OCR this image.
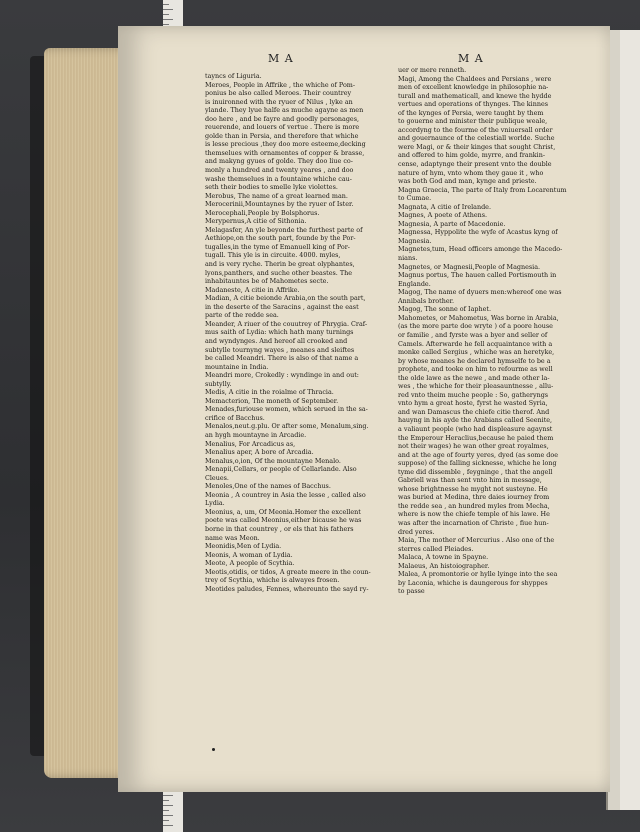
M A	M A
tayncs of Liguria.
Meroes, People in Affrike , the whiche of Pom-
ponius be also called Meroes. Their countrey
is inuironned with the ryuer of Nilus , lyke an
ylande. They lyue halfe as muche agayne as men
doo here , and be fayre and goodly personages,
reuerende, and louers of vertue . There is more
golde than in Persia, and therefore that whiche
is lesse precious ,they doo more esteeme,decking
themselues with ornamentes of copper & brasse,
and makyng gyues of golde. They doo liue co-
monly a hundred and twenty yeares , and doo
washe themselues in a fountaine whiche cau-
seth their bodies to smelle lyke violettes.
Merobus, The name of a great learned man.
Merocerinii,Mountaynes by the ryuer of Ister.
Merocephali,People by Bolsphorus.
Merypernus,A citie of Sithonia.
Melagasfer, An yle beyonde the furthest parte of
Aethiope,on the south part, founde by the Por-
tugalles,in the tyme of Emanuell king of Por-
tugall. This yle is in circuite. 4000. myles,
and is very ryche. Therin be great olyphantes,
lyons,panthers, and suche other beastes. The
inhabitauntes be of Mahometes secte.
Madaneste, A citie in Affrike.
Madian, A citie beionde Arabia,on the south part,
in the deserte of the Saracins , against the east
parte of the redde sea.
Meander, A riuer of the couutrey of Phrygia. Craf-
mus saith of Lydia: which hath many turnings
and wyndynges. And hereof all crooked and
subtylle tournyng wayes , meanes and sleiftes
be called Meandri. There is also of that name a
mountaine in India.
Meandri more, Crokedly : wyndinge in and out:
subtylly.
Medis, A citie in the roialme of Thracia.
Memacterion, The moneth of September.
Menades,furiouse women, which serued in the sa-
crifice of Bacchus.
Menalos,neut.g.plu. Or after some, Menalum,sing.
an hygh mountayne in Arcadie.
Menalius, For Arcadicus as,
Menalius aper, A bore of Arcadia.
Menalus,o,ion, Of the mountayne Menalo.
Menapii,Cellars, or people of Cellarlande. Also
Cleues.
Menoles,One of the names of Bacchus.
Meonia , A countrey in Asia the lesse , called also
Lydia.
Meonius, a, um, Of Meonia.Homer the excellent
poete was called Meonius,either bicause he was
borne in that countrey , or els that his fathers
name was Meon.
Meonidis,Men of Lydia.
Meonis, A woman of Lydia.
Meote, A people of Scythia.
Meotis,otidis, or tidos, A greate meere in the coun-
trey of Scythia, whiche is alwayes frosen.
Meotides paludes, Fennes, whereunto the sayd ry-
uer or mere renneth.
Magi, Among the Chaldees and Persians , were
men of excellent knowledge in philosophie na-
turall and mathematicall, and knewe the hydde
vertues and operations of thynges. The kinnes
of the kynges of Persia, were taught by them
to gouerne and minister their publique weale,
accordyng to the fourme of the vniuersall order
and gouernaunce of the celestiall worlde. Suche
were Magi, or & their kinges that sought Christ,
and offered to him golde, myrre, and frankin-
cense, adaptynge their present vnto the double
nature of hym, vnto whom they gaue it , who
was both God and man, kynge and prieste.
Magna Graecia, The parte of Italy from Locarentum
to Cumae.
Magnata, A citie of Irelande.
Magnes, A poete of Athens.
Magnesia, A parte of Macedonie.
Magnessa, Hyppolite the wyfe of Acastus kyng of
Magnesia.
Magnetes,tum, Head officers amonge the Macedo-
nians.
Magnetes, or Magnesii,People of Magnesia.
Magnus portus, The hauen called Portismouth in
Englande.
Magog, The name of dyuers men:whereof one was
Annibals brother.
Magog, The sonne of Iaphet.
Mahometes, or Mahometus, Was borne in Arabia,
(as the more parte doe wryte ) of a poore house
or familie , and fyrste was a byer and seller of
Camels. Afterwarde he fell acquaintance with a
monke called Sergius , whiche was an heretyke,
by whose meanes he declared hymselfe to be a
prophete, and tooke on him to refourme as well
the olde lawe as the newe , and made other la-
wes , the whiche for their pleasauntnesse , allu-
red vnto theim muche people : So, gatheryngs
vnto hym a great hoste, fyrst he wasted Syria,
and wan Damascus the chiefe citie therof. And
hauyng in his ayde the Arabians called Seenite,
a valiaunt people (who had displeasure agaynst
the Emperour Heraclius,because he paied them
not their wages) he wan other great royalmes,
and at the age of fourty yeres, dyed (as some doe
suppose) of the falling sicknesse, whiche he long
tyme did dissemble , feygninge , that the angell
Gabriell was than sent vnto him in message,
whose brightnesse he myght not susteyne. He
was buried at Medina, thre daies iourney from
the redde sea , an hundred myles from Mecha,
where is now the chiefe temple of his lawe. He
was after the incarnation of Christe , fiue hun-
dred yeres.
Maia, The mother of Mercurius . Also one of the
sterres called Pleiades.
Malaca, A towne in Spayne.
Malaeus, An histoiographer.
Malea, A promontorie or hylle lyinge into the sea
by Laconia, whiche is daungerous for shyppes
to passe
